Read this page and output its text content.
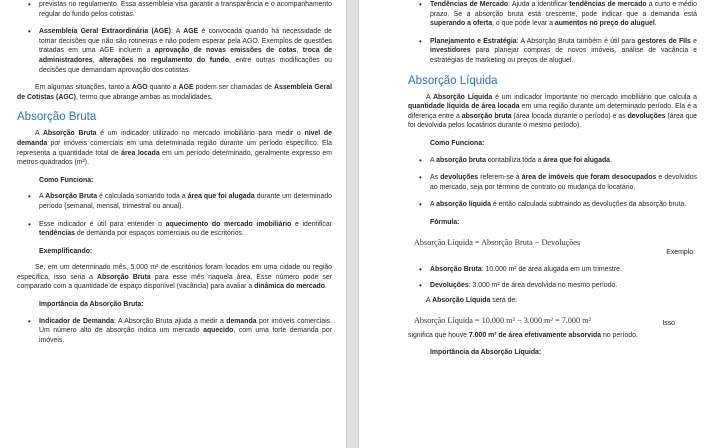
• previstas no regulamento. Essa assembleia visa garantir a transparência e o acompanhamento regular do fundo pelos cotistas.
• Assembleia Geral Extraordinária (AGE): A AGE é convocada quando há necessidade de tomar decisões que não são rotineiras e não podem esperar pela AGO. Exemplos de questões tratadas em uma AGE incluem a aprovação de novas emissões de cotas, troca de administradores, alterações no regulamento do fundo, entre outras modificações ou decisões que demandam aprovação dos cotistas.

Em algumas situações, tanto a AGO quanto a AGE podem ser chamadas de Assembleia Geral de Cotistas (AGC), termo que abrange ambas as modalidades.

Absorção Bruta

A Absorção Bruta é um indicador utilizado no mercado imobiliário para medir o nível de demanda por imóveis comerciais em uma determinada região durante um período específico. Ela representa a quantidade total de área locada em um período determinado, geralmente expresso em metros quadrados (m²).

Como Funciona:
• A Absorção Bruta é calculada somando toda a área que foi alugada durante um determinado período (semanal, mensal, trimestral ou anual).
• Esse indicador é útil para entender o aquecimento do mercado imobiliário e identificar tendências de demanda por espaços comerciais ou de escritórios.
Exemplificando:

Se, em um determinado mês, 5.000 m² de escritórios foram locados em uma cidade ou região específica, isso seria a Absorção Bruta para esse mês naquela área. Esse número pode ser comparado com a quantidade de espaço disponível (vacância) para avaliar a dinâmica do mercado.

Importância da Absorção Bruta:
• Indicador de Demanda: A Absorção Bruta ajuda a medir a demanda por imóveis comerciais. Um número alto de absorção indica um mercado aquecido, com uma forte demanda por imóveis.
• Tendências de Mercado: Ajuda a identificar tendências de mercado a curto e médio prazo. Se a absorção bruta está crescente, pode indicar que a demanda está superando a oferta, o que pode levar a aumentos no preço do aluguel.
• Planejamento e Estratégia: A Absorção Bruta também é útil para gestores de FIIs e investidores para planejar compras de novos imóveis, análise de vacância e estratégias de marketing ou preços de aluguel.
Absorção Líquida

A Absorção Líquida é um indicador importante no mercado imobiliário que calcula a quantidade líquida de área locada em uma região durante um determinado período. Ela é a diferença entre a absorção bruta (área locada durante o período) e as devoluções (área que foi devolvida pelos locatários durante o mesmo período).

Como Funciona:
• A absorção bruta contabiliza toda a área que foi alugada.
• As devoluções referem-se à área de imóveis que foram desocupados e devolvidos ao mercado, seja por término de contrato ou mudança do locatário.
• A absorção líquida é então calculada subtraindo as devoluções da absorção bruta.
Fórmula:
Absorção Líquida = Absorção Bruta − Devoluções
Exemplo:
• Absorção Bruta: 10.000 m² de área alugada em um trimestre.
• Devoluções: 3.000 m² de área devolvida no mesmo período.

A Absorção Líquida será de:

Absorção Líquida = 10.000 m² − 3.000 m² = 7.000 m²	Isso

significa que houve 7.000 m² de área efetivamente absorvida no período.

Importância da Absorção Líquida:
